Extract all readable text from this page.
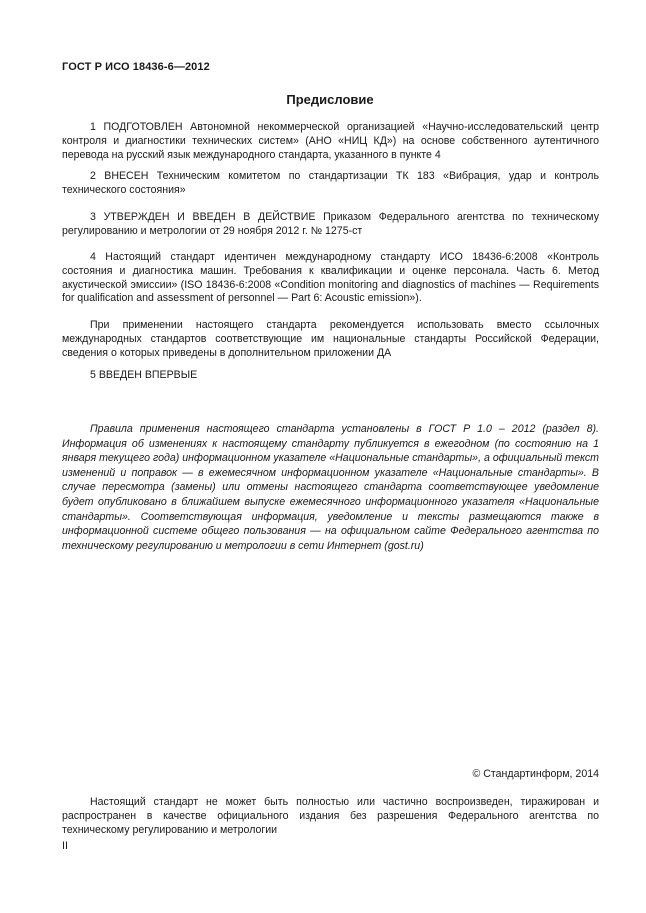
ГОСТ Р ИСО 18436-6—2012
Предисловие

1 ПОДГОТОВЛЕН Автономной некоммерческой организацией «Научно-исследовательский центр контроля и диагностики технических систем» (АНО «НИЦ КД») на основе собственного аутентичного перевода на русский язык международного стандарта, указанного в пункте 4

2 ВНЕСЕН Техническим комитетом по стандартизации ТК 183 «Вибрация, удар и контроль технического состояния»

3 УТВЕРЖДЕН И ВВЕДЕН В ДЕЙСТВИЕ Приказом Федерального агентства по техническому регулированию и метрологии от 29 ноября 2012 г. № 1275-ст

4 Настоящий стандарт идентичен международному стандарту ИСО 18436-6:2008 «Контроль состояния и диагностика машин. Требования к квалификации и оценке персонала. Часть 6. Метод акустической эмиссии» (ISO 18436-6:2008 «Condition monitoring and diagnostics of machines — Requirements for qualification and assessment of personnel — Part 6: Acoustic emission»).

При применении настоящего стандарта рекомендуется использовать вместо ссылочных международных стандартов соответствующие им национальные стандарты Российской Федерации, сведения о которых приведены в дополнительном приложении ДА

5 ВВЕДЕН ВПЕРВЫЕ

Правила применения настоящего стандарта установлены в ГОСТ Р 1.0 – 2012 (раздел 8). Информация об изменениях к настоящему стандарту публикуется в ежегодном (по состоянию на 1 января текущего года) информационном указателе «Национальные стандарты», а официальный текст изменений и поправок — в ежемесячном информационном указателе «Национальные стандарты». В случае пересмотра (замены) или отмены настоящего стандарта соответствующее уведомление будет опубликовано в ближайшем выпуске ежемесячного информационного указателя «Национальные стандарты». Соответствующая информация, уведомление и тексты размещаются также в информационной системе общего пользования — на официальном сайте Федерального агентства по техническому регулированию и метрологии в сети Интернет (gost.ru)

© Стандартинформ, 2014
Настоящий стандарт не может быть полностью или частично воспроизведен, тиражирован и распространен в качестве официального издания без разрешения Федерального агентства по техническому регулированию и метрологии
II
